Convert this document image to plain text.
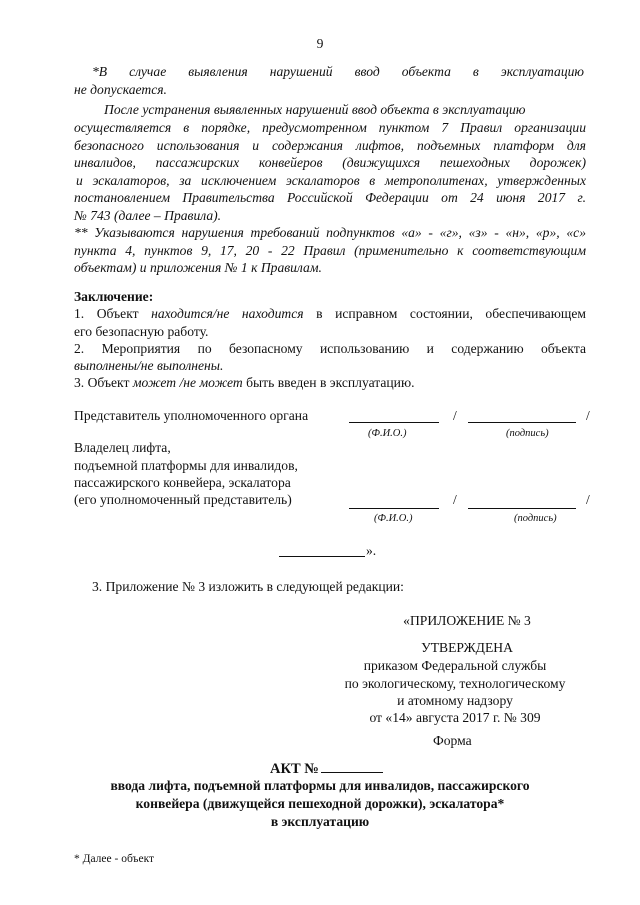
9
*В случае выявления нарушений ввод объекта в эксплуатацию
не допускается.
После устранения выявленных нарушений ввод объекта в эксплуатацию
осуществляется в порядке, предусмотренном пунктом 7 Правил организации
безопасного использования и содержания лифтов, подъемных платформ для
инвалидов, пассажирских конвейеров (движущихся пешеходных дорожек)
и эскалаторов, за исключением эскалаторов в метрополитенах, утвержденных
постановлением Правительства Российской Федерации от 24 июня 2017 г.
№ 743 (далее – Правила).
** Указываются нарушения требований подпунктов «а» - «г», «з» - «н», «р», «с»
пункта 4, пунктов 9, 17, 20 - 22 Правил (применительно к соответствующим
объектам) и приложения № 1 к Правилам.
Заключение:
1. Объект находится/не находится в исправном состоянии, обеспечивающем
его безопасную работу.
2. Мероприятия по безопасному использованию и содержанию объекта
выполнены/не выполнены.
3. Объект может /не может быть введен в эксплуатацию.
Представитель уполномоченного органа	/	/
(Ф.И.О.)	(подпись)
Владелец лифта,
подъемной платформы для инвалидов,
пассажирского конвейера, эскалатора
(его уполномоченный представитель)	/	/
(Ф.И.О.)	(подпись)
».
3. Приложение № 3 изложить в следующей редакции:
«ПРИЛОЖЕНИЕ № 3
УТВЕРЖДЕНА
приказом Федеральной службы
по экологическому, технологическому
и атомному надзору
от «14» августа 2017 г. № 309
Форма
АКТ №
ввода лифта, подъемной платформы для инвалидов, пассажирского
конвейера (движущейся пешеходной дорожки), эскалатора*
в эксплуатацию
* Далее - объект
